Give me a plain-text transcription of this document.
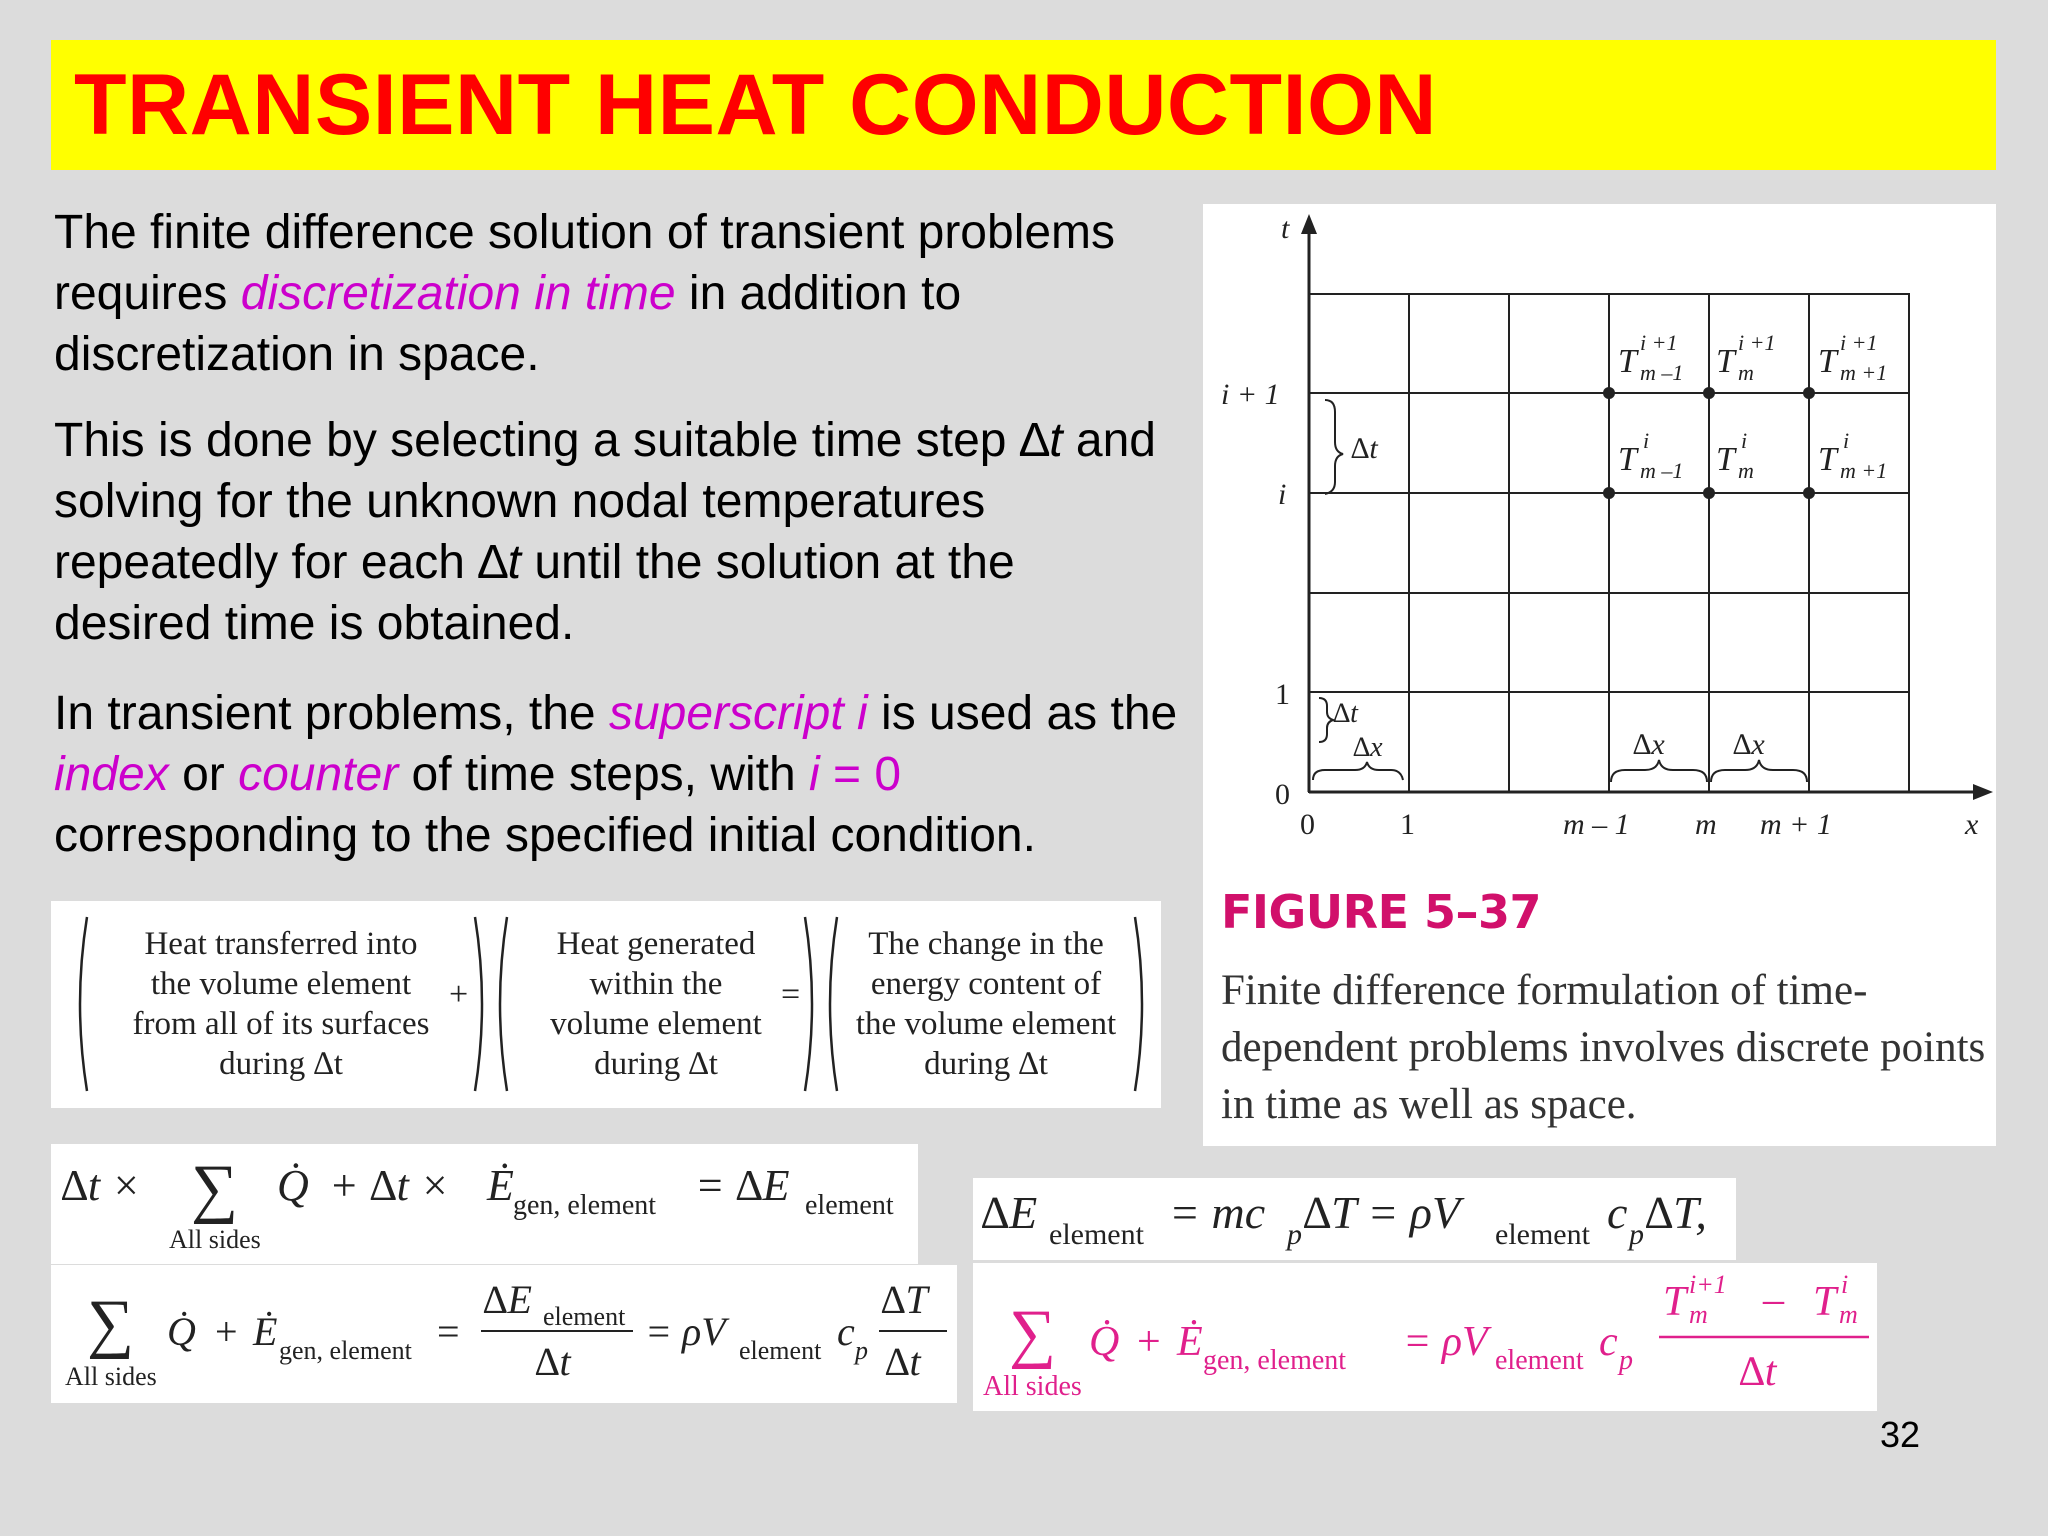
TRANSIENT HEAT CONDUCTION
The finite difference solution of transient problems requires discretization in time in addition to discretization in space.
This is done by selecting a suitable time step ∆t and solving for the unknown nodal temperatures repeatedly for each ∆t until the solution at the desired time is obtained.
In transient problems, the superscript i is used as the index or counter of time steps, with i = 0 corresponding to the specified initial condition.
t
x
i + 1
i
1
0
0	1	m – 1 m m + 1
∆t
∆t
∆x	∆x ∆x
T
i +1
m –1 T
i +1
m T
i +1
m +1
T
i
m –1 T
i
m T
i
m +1
FIGURE 5–37
Finite difference formulation of time-dependent problems involves discrete points in time as well as space.
Heat transferred into
the volume element
from all of its surfaces
during ∆t
+
Heat generated
within the
volume element
during ∆t
=
The change in the
energy content of
the volume element
during ∆t
∆t × ∑
All sides
Q̇ + ∆t × Ė gen, element = ∆E element
∑
All sides
Q̇ + Ė gen, element =
∆E element
∆t
= ρV element c p
∆T
∆t
∆E element = mc p ∆T = ρV element c p ∆T,
∑
All sides
Q̇ + Ė gen, element = ρV element c p
T i+1
m – T i
m
∆t
32
